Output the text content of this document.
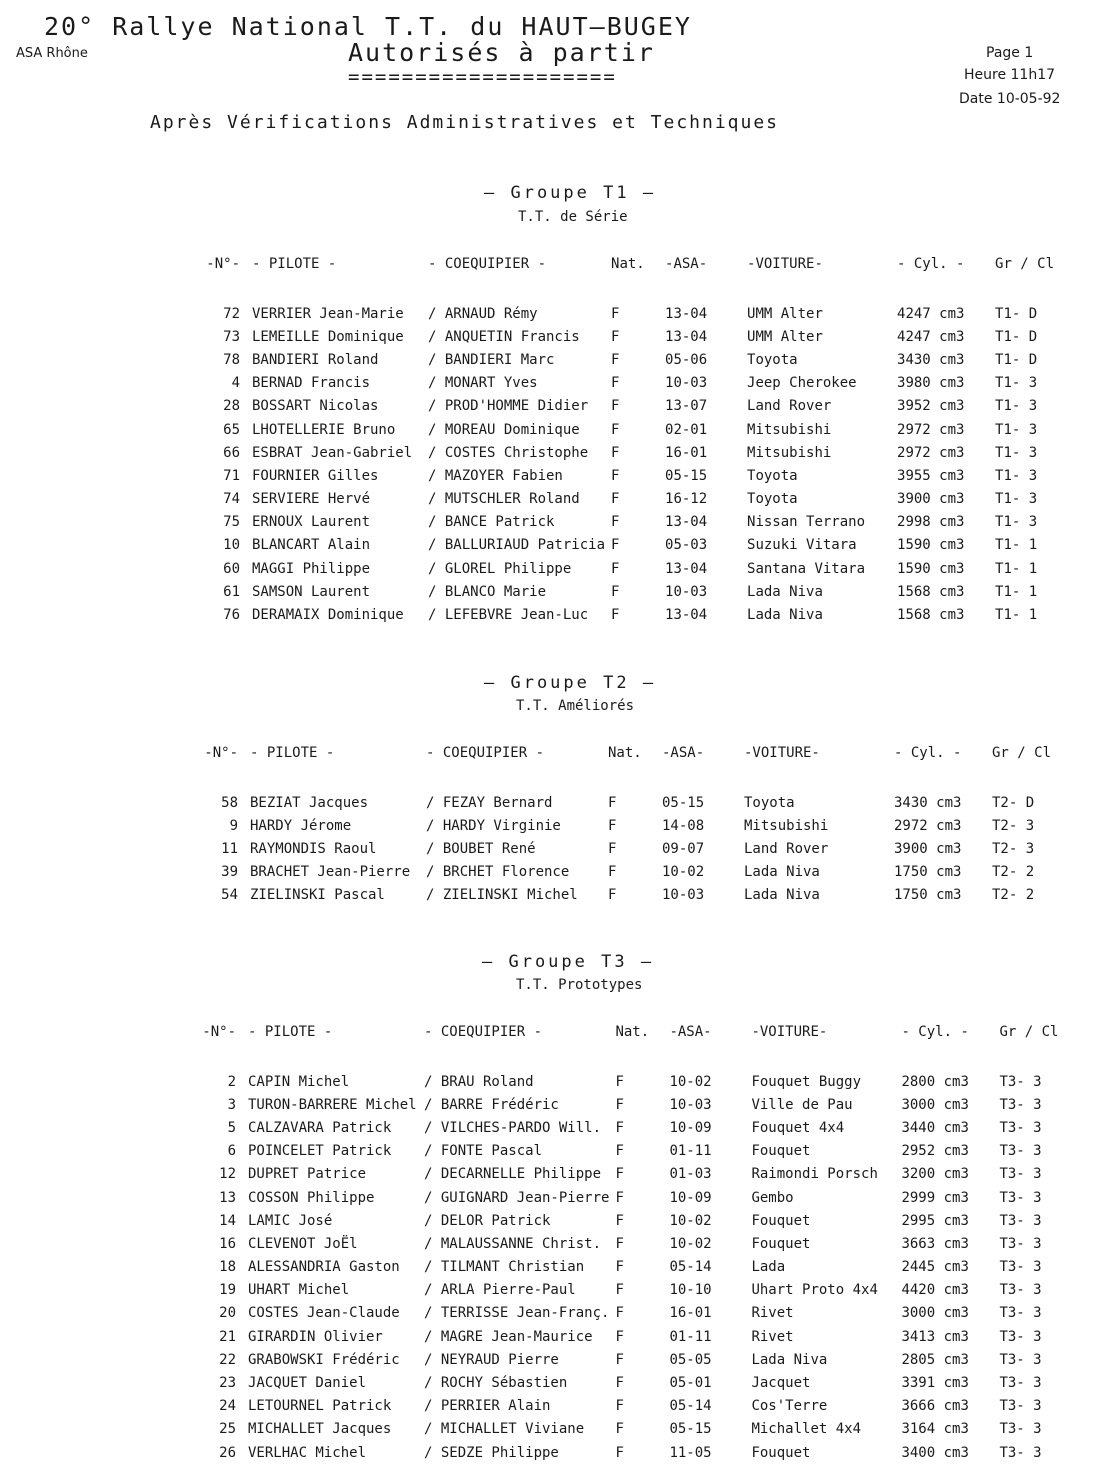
20° Rallye National T.T. du HAUT—BUGEY
Autorisés à partir
====================
ASA Rhône	Page 1
Heure 11h17
Date 10-05-92
Après Vérifications Administratives et Techniques
— Groupe T1 —
T.T. de Série
-N°-	- PILOTE -	- COEQUIPIER -	Nat.	-ASA-	-VOITURE-	- Cyl. -	Gr / Cl
72	VERRIER Jean-Marie	/ ARNAUD Rémy	F	13-04	UMM Alter	4247 cm3	T1- D
73	LEMEILLE Dominique	/ ANQUETIN Francis	F	13-04	UMM Alter	4247 cm3	T1- D
78	BANDIERI Roland	/ BANDIERI Marc	F	05-06	Toyota	3430 cm3	T1- D
4	BERNAD Francis	/ MONART Yves	F	10-03	Jeep Cherokee	3980 cm3	T1- 3
28	BOSSART Nicolas	/ PROD'HOMME Didier	F	13-07	Land Rover	3952 cm3	T1- 3
65	LHOTELLERIE Bruno	/ MOREAU Dominique	F	02-01	Mitsubishi	2972 cm3	T1- 3
66	ESBRAT Jean-Gabriel	/ COSTES Christophe	F	16-01	Mitsubishi	2972 cm3	T1- 3
71	FOURNIER Gilles	/ MAZOYER Fabien	F	05-15	Toyota	3955 cm3	T1- 3
74	SERVIERE Hervé	/ MUTSCHLER Roland	F	16-12	Toyota	3900 cm3	T1- 3
75	ERNOUX Laurent	/ BANCE Patrick	F	13-04	Nissan Terrano	2998 cm3	T1- 3
10	BLANCART Alain	/ BALLURIAUD Patricia	F	05-03	Suzuki Vitara	1590 cm3	T1- 1
60	MAGGI Philippe	/ GLOREL Philippe	F	13-04	Santana Vitara	1590 cm3	T1- 1
61	SAMSON Laurent	/ BLANCO Marie	F	10-03	Lada Niva	1568 cm3	T1- 1
76	DERAMAIX Dominique	/ LEFEBVRE Jean-Luc	F	13-04	Lada Niva	1568 cm3	T1- 1
— Groupe T2 —
T.T. Améliorés
-N°-	- PILOTE -	- COEQUIPIER -	Nat.	-ASA-	-VOITURE-	- Cyl. -	Gr / Cl
58	BEZIAT Jacques	/ FEZAY Bernard	F	05-15	Toyota	3430 cm3	T2- D
9	HARDY Jérome	/ HARDY Virginie	F	14-08	Mitsubishi	2972 cm3	T2- 3
11	RAYMONDIS Raoul	/ BOUBET René	F	09-07	Land Rover	3900 cm3	T2- 3
39	BRACHET Jean-Pierre	/ BRCHET Florence	F	10-02	Lada Niva	1750 cm3	T2- 2
54	ZIELINSKI Pascal	/ ZIELINSKI Michel	F	10-03	Lada Niva	1750 cm3	T2- 2
— Groupe T3 —
T.T. Prototypes
-N°-	- PILOTE -	- COEQUIPIER -	Nat.	-ASA-	-VOITURE-	- Cyl. -	Gr / Cl
2	CAPIN Michel	/ BRAU Roland	F	10-02	Fouquet Buggy	2800 cm3	T3- 3
3	TURON-BARRERE Michel	/ BARRE Frédéric	F	10-03	Ville de Pau	3000 cm3	T3- 3
5	CALZAVARA Patrick	/ VILCHES-PARDO Will.	F	10-09	Fouquet 4x4	3440 cm3	T3- 3
6	POINCELET Patrick	/ FONTE Pascal	F	01-11	Fouquet	2952 cm3	T3- 3
12	DUPRET Patrice	/ DECARNELLE Philippe	F	01-03	Raimondi Porsch	3200 cm3	T3- 3
13	COSSON Philippe	/ GUIGNARD Jean-Pierre	F	10-09	Gembo	2999 cm3	T3- 3
14	LAMIC José	/ DELOR Patrick	F	10-02	Fouquet	2995 cm3	T3- 3
16	CLEVENOT JoËl	/ MALAUSSANNE Christ.	F	10-02	Fouquet	3663 cm3	T3- 3
18	ALESSANDRIA Gaston	/ TILMANT Christian	F	05-14	Lada	2445 cm3	T3- 3
19	UHART Michel	/ ARLA Pierre-Paul	F	10-10	Uhart Proto 4x4	4420 cm3	T3- 3
20	COSTES Jean-Claude	/ TERRISSE Jean-Franç.	F	16-01	Rivet	3000 cm3	T3- 3
21	GIRARDIN Olivier	/ MAGRE Jean-Maurice	F	01-11	Rivet	3413 cm3	T3- 3
22	GRABOWSKI Frédéric	/ NEYRAUD Pierre	F	05-05	Lada Niva	2805 cm3	T3- 3
23	JACQUET Daniel	/ ROCHY Sébastien	F	05-01	Jacquet	3391 cm3	T3- 3
24	LETOURNEL Patrick	/ PERRIER Alain	F	05-14	Cos'Terre	3666 cm3	T3- 3
25	MICHALLET Jacques	/ MICHALLET Viviane	F	05-15	Michallet 4x4	3164 cm3	T3- 3
26	VERLHAC Michel	/ SEDZE Philippe	F	11-05	Fouquet	3400 cm3	T3- 3
